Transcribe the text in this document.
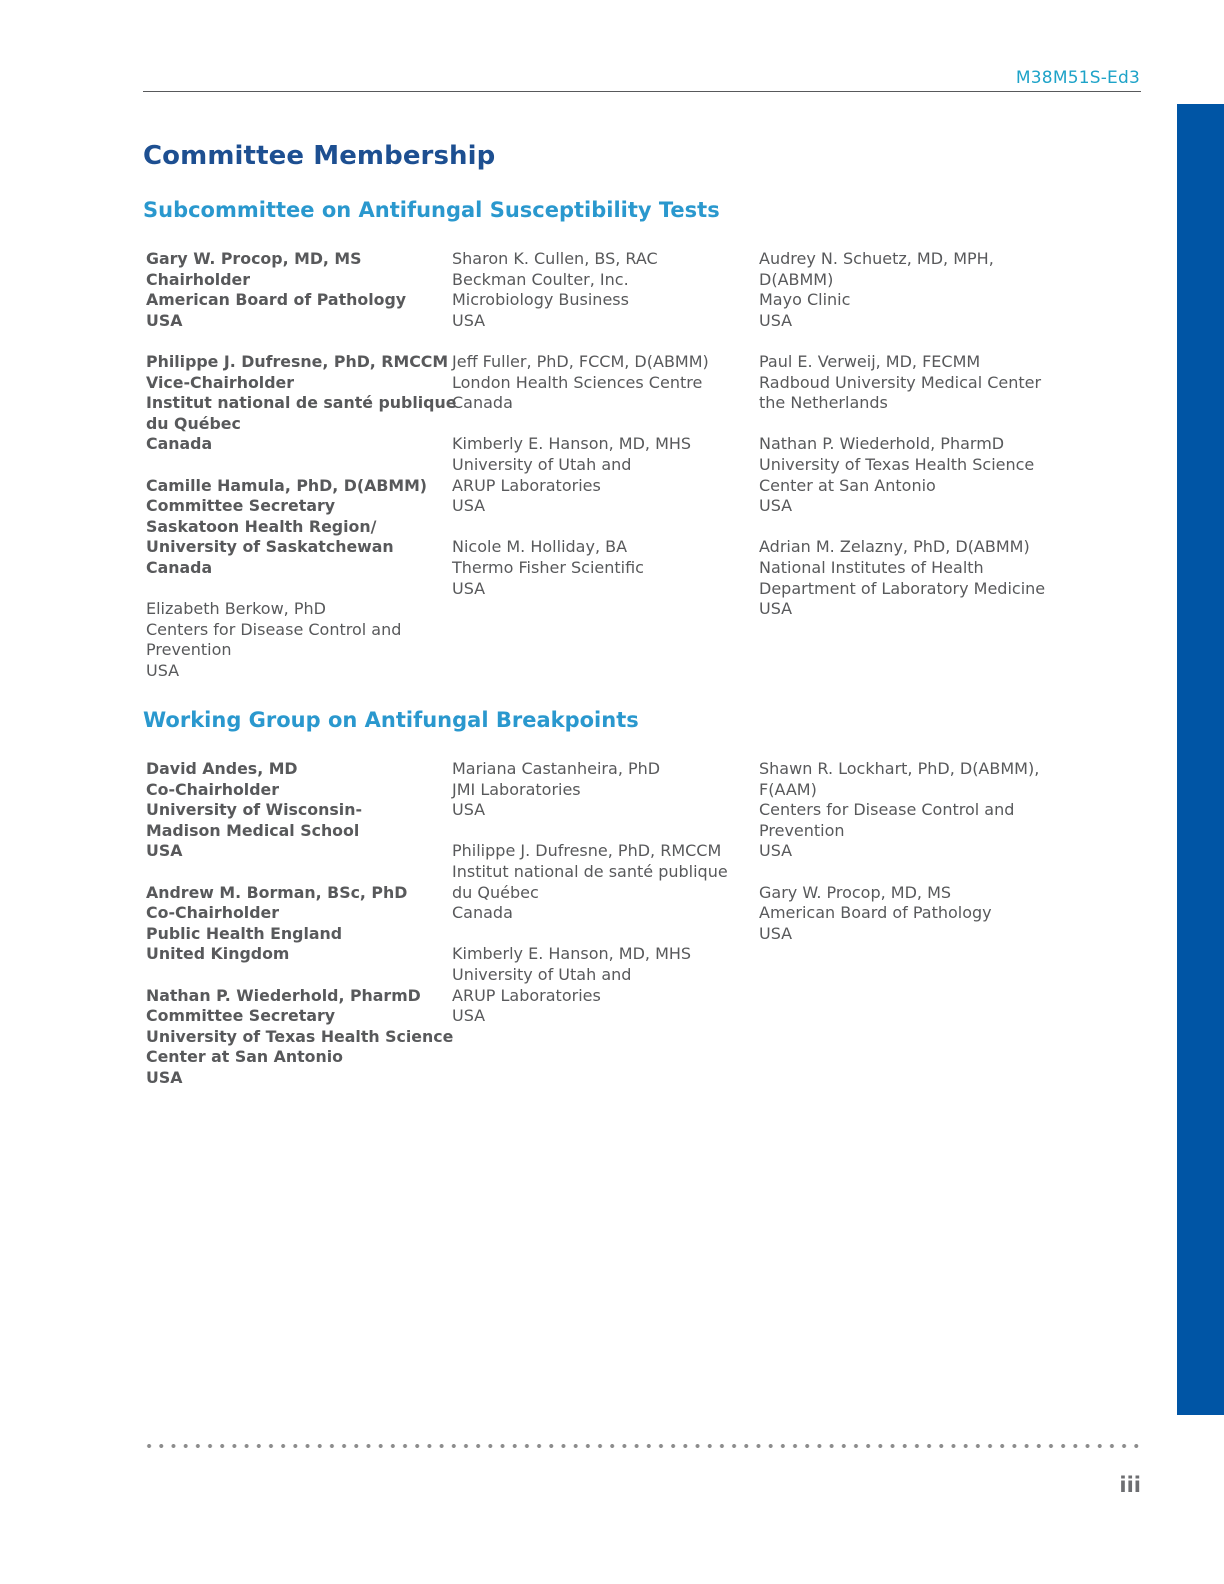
M38M51S-Ed3
Committee Membership
Subcommittee on Antifungal Susceptibility Tests
Gary W. Procop, MD, MS
Chairholder
American Board of Pathology
USA
Philippe J. Dufresne, PhD, RMCCM
Vice-Chairholder
Institut national de santé publique
du Québec
Canada
Camille Hamula, PhD, D(ABMM)
Committee Secretary
Saskatoon Health Region/
University of Saskatchewan
Canada
Elizabeth Berkow, PhD
Centers for Disease Control and
Prevention
USA
Sharon K. Cullen, BS, RAC
Beckman Coulter, Inc.
Microbiology Business
USA
Jeff Fuller, PhD, FCCM, D(ABMM)
London Health Sciences Centre
Canada
Kimberly E. Hanson, MD, MHS
University of Utah and
ARUP Laboratories
USA
Nicole M. Holliday, BA
Thermo Fisher Scientific
USA
Audrey N. Schuetz, MD, MPH,
D(ABMM)
Mayo Clinic
USA
Paul E. Verweij, MD, FECMM
Radboud University Medical Center
the Netherlands
Nathan P. Wiederhold, PharmD
University of Texas Health Science
Center at San Antonio
USA
Adrian M. Zelazny, PhD, D(ABMM)
National Institutes of Health
Department of Laboratory Medicine
USA
Working Group on Antifungal Breakpoints
David Andes, MD
Co-Chairholder
University of Wisconsin-
Madison Medical School
USA
Andrew M. Borman, BSc, PhD
Co-Chairholder
Public Health England
United Kingdom
Nathan P. Wiederhold, PharmD
Committee Secretary
University of Texas Health Science
Center at San Antonio
USA
Mariana Castanheira, PhD
JMI Laboratories
USA
Philippe J. Dufresne, PhD, RMCCM
Institut national de santé publique
du Québec
Canada
Kimberly E. Hanson, MD, MHS
University of Utah and
ARUP Laboratories
USA
Shawn R. Lockhart, PhD, D(ABMM),
F(AAM)
Centers for Disease Control and
Prevention
USA
Gary W. Procop, MD, MS
American Board of Pathology
USA
iii
